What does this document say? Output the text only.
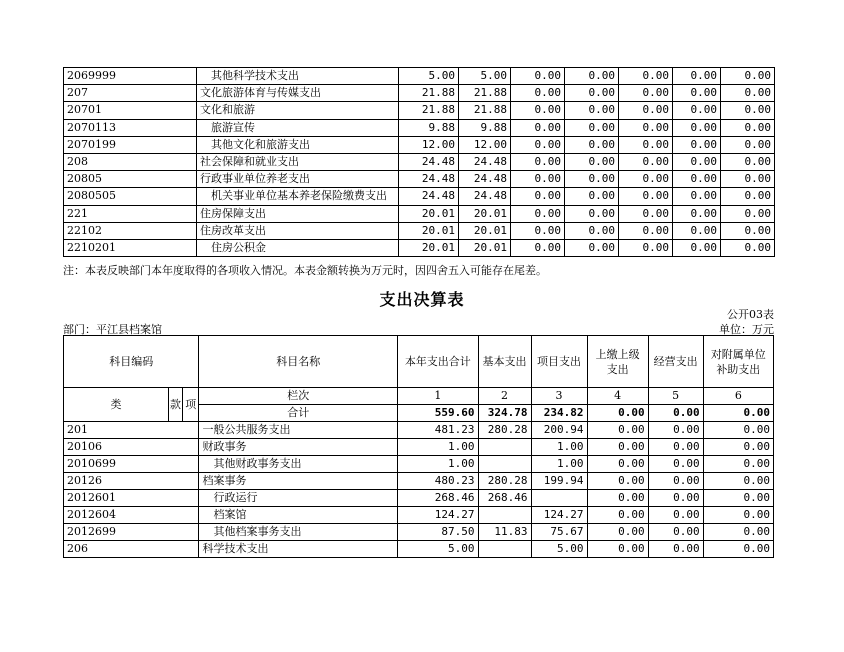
2069999	其他科学技术支出	5.00	5.00	0.00	0.00	0.00	0.00	0.00
207	文化旅游体育与传媒支出	21.88	21.88	0.00	0.00	0.00	0.00	0.00
20701	文化和旅游	21.88	21.88	0.00	0.00	0.00	0.00	0.00
2070113	旅游宣传	9.88	9.88	0.00	0.00	0.00	0.00	0.00
2070199	其他文化和旅游支出	12.00	12.00	0.00	0.00	0.00	0.00	0.00
208	社会保障和就业支出	24.48	24.48	0.00	0.00	0.00	0.00	0.00
20805	行政事业单位养老支出	24.48	24.48	0.00	0.00	0.00	0.00	0.00
2080505	机关事业单位基本养老保险缴费支出	24.48	24.48	0.00	0.00	0.00	0.00	0.00
221	住房保障支出	20.01	20.01	0.00	0.00	0.00	0.00	0.00
22102	住房改革支出	20.01	20.01	0.00	0.00	0.00	0.00	0.00
2210201	住房公积金	20.01	20.01	0.00	0.00	0.00	0.00	0.00
注：本表反映部门本年度取得的各项收入情况。本表金额转换为万元时，因四舍五入可能存在尾差。
支出决算表
公开03表
部门：平江县档案馆	单位：万元
科目编码			科目名称	本年支出合计	基本支出	项目支出	上缴上级支出	经营支出	对附属单位补助支出
类	款	项	栏次	1	2	3	4	5	6
			合计	559.60	324.78	234.82	0.00	0.00	0.00
201			一般公共服务支出	481.23	280.28	200.94	0.00	0.00	0.00
20106			财政事务	1.00		1.00	0.00	0.00	0.00
2010699			其他财政事务支出	1.00		1.00	0.00	0.00	0.00
20126			档案事务	480.23	280.28	199.94	0.00	0.00	0.00
2012601			行政运行	268.46	268.46		0.00	0.00	0.00
2012604			档案馆	124.27		124.27	0.00	0.00	0.00
2012699			其他档案事务支出	87.50	11.83	75.67	0.00	0.00	0.00
206			科学技术支出	5.00		5.00	0.00	0.00	0.00
